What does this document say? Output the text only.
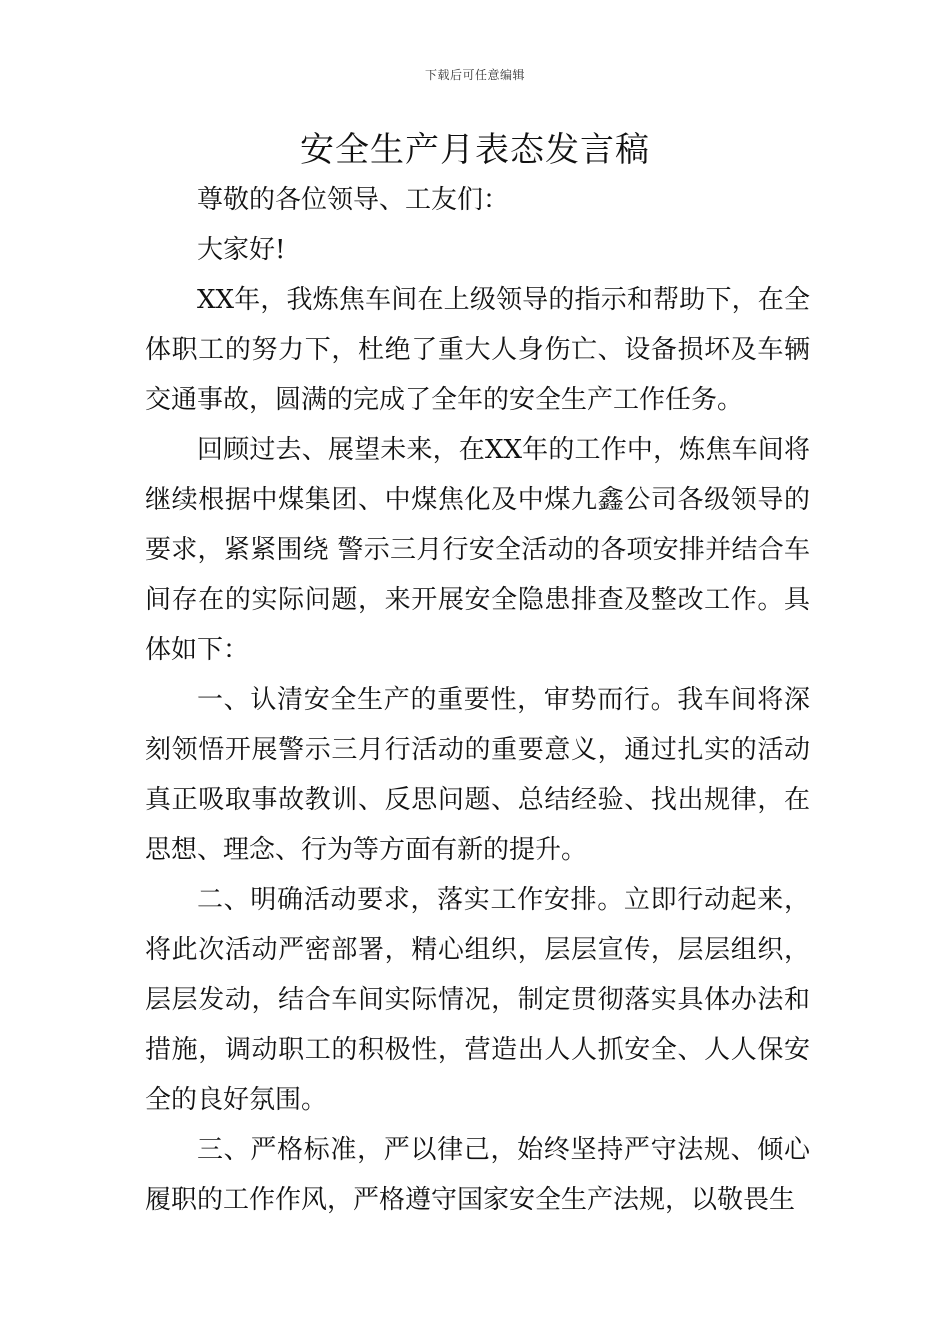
下载后可任意编辑
安全生产月表态发言稿

尊敬的各位领导、工友们：

大家好!

XX年，我炼焦车间在上级领导的指示和帮助下，在全体职工的努力下，杜绝了重大人身伤亡、设备损坏及车辆交通事故，圆满的完成了全年的安全生产工作任务。

回顾过去、展望未来，在XX年的工作中，炼焦车间将继续根据中煤集团、中煤焦化及中煤九鑫公司各级领导的要求，紧紧围绕 警示三月行安全活动的各项安排并结合车间存在的实际问题，来开展安全隐患排查及整改工作。具体如下：

一、认清安全生产的重要性，审势而行。我车间将深刻领悟开展警示三月行活动的重要意义，通过扎实的活动真正吸取事故教训、反思问题、总结经验、找出规律，在思想、理念、行为等方面有新的提升。

二、明确活动要求，落实工作安排。立即行动起来，将此次活动严密部署，精心组织，层层宣传，层层组织，层层发动，结合车间实际情况，制定贯彻落实具体办法和措施，调动职工的积极性，营造出人人抓安全、人人保安全的良好氛围。

三、严格标准，严以律己，始终坚持严守法规、倾心履职的工作作风，严格遵守国家安全生产法规，以敬畏生
